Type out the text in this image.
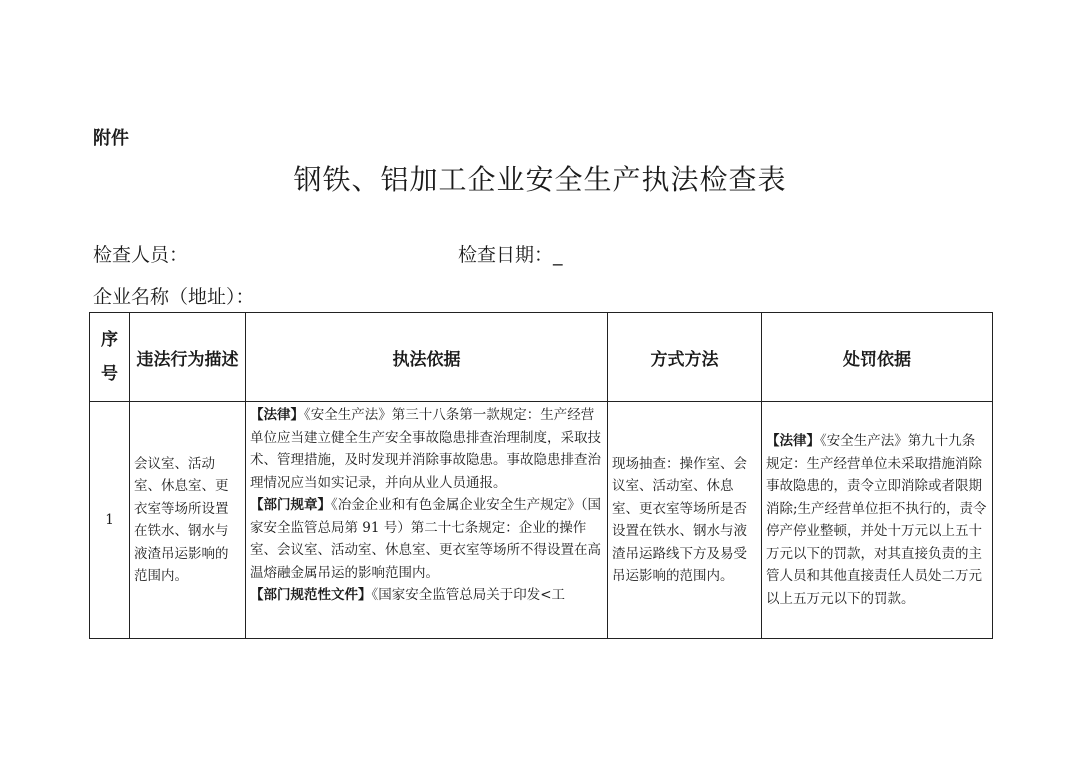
附件
钢铁、铝加工企业安全生产执法检查表
检查人员：	检查日期：_
企业名称（地址）：
序
号	违法行为描述	执法依据	方式方法	处罚依据
1	会议室、活动室、休息室、更衣室等场所设置在铁水、钢水与液渣吊运影响的范围内。	【法律】《安全生产法》第三十八条第一款规定：生产经营单位应当建立健全生产安全事故隐患排查治理制度，采取技术、管理措施，及时发现并消除事故隐患。事故隐患排查治理情况应当如实记录，并向从业人员通报。
【部门规章】《冶金企业和有色金属企业安全生产规定》（国家安全监管总局第 91 号）第二十七条规定：企业的操作室、会议室、活动室、休息室、更衣室等场所不得设置在高温熔融金属吊运的影响范围内。
【部门规范性文件】《国家安全监管总局关于印发<工	现场抽查：操作室、会议室、活动室、休息室、更衣室等场所是否设置在铁水、钢水与液渣吊运路线下方及易受吊运影响的范围内。	【法律】《安全生产法》第九十九条规定：生产经营单位未采取措施消除事故隐患的，责令立即消除或者限期消除;生产经营单位拒不执行的，责令停产停业整顿，并处十万元以上五十万元以下的罚款，对其直接负责的主管人员和其他直接责任人员处二万元以上五万元以下的罚款。
